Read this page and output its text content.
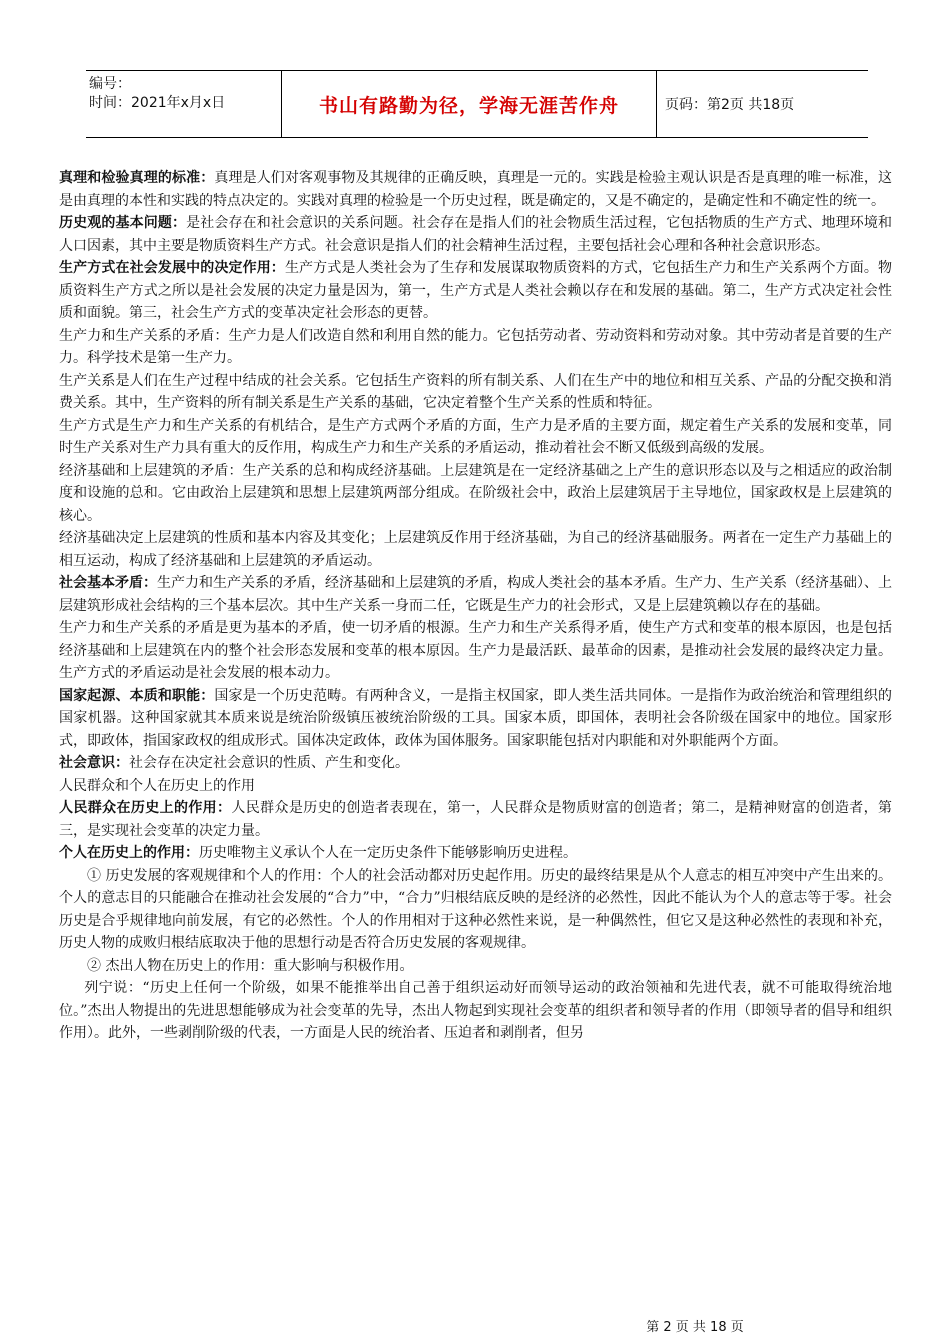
编号：
时间：2021年x月x日	书山有路勤为径，学海无涯苦作舟	页码：第2页 共18页

真理和检验真理的标准：真理是人们对客观事物及其规律的正确反映，真理是一元的。实践是检验主观认识是否是真理的唯一标准，这是由真理的本性和实践的特点决定的。实践对真理的检验是一个历史过程，既是确定的，又是不确定的，是确定性和不确定性的统一。

历史观的基本问题：是社会存在和社会意识的关系问题。社会存在是指人们的社会物质生活过程，它包括物质的生产方式、地理环境和人口因素，其中主要是物质资料生产方式。社会意识是指人们的社会精神生活过程，主要包括社会心理和各种社会意识形态。

生产方式在社会发展中的决定作用：生产方式是人类社会为了生存和发展谋取物质资料的方式，它包括生产力和生产关系两个方面。物质资料生产方式之所以是社会发展的决定力量是因为，第一，生产方式是人类社会赖以存在和发展的基础。第二，生产方式决定社会性质和面貌。第三，社会生产方式的变革决定社会形态的更替。

生产力和生产关系的矛盾：生产力是人们改造自然和利用自然的能力。它包括劳动者、劳动资料和劳动对象。其中劳动者是首要的生产力。科学技术是第一生产力。

生产关系是人们在生产过程中结成的社会关系。它包括生产资料的所有制关系、人们在生产中的地位和相互关系、产品的分配交换和消费关系。其中，生产资料的所有制关系是生产关系的基础，它决定着整个生产关系的性质和特征。

生产方式是生产力和生产关系的有机结合，是生产方式两个矛盾的方面，生产力是矛盾的主要方面，规定着生产关系的发展和变革，同时生产关系对生产力具有重大的反作用，构成生产力和生产关系的矛盾运动，推动着社会不断又低级到高级的发展。

经济基础和上层建筑的矛盾：生产关系的总和构成经济基础。上层建筑是在一定经济基础之上产生的意识形态以及与之相适应的政治制度和设施的总和。它由政治上层建筑和思想上层建筑两部分组成。在阶级社会中，政治上层建筑居于主导地位，国家政权是上层建筑的核心。

经济基础决定上层建筑的性质和基本内容及其变化；上层建筑反作用于经济基础，为自己的经济基础服务。两者在一定生产力基础上的相互运动，构成了经济基础和上层建筑的矛盾运动。

社会基本矛盾：生产力和生产关系的矛盾，经济基础和上层建筑的矛盾，构成人类社会的基本矛盾。生产力、生产关系（经济基础）、上层建筑形成社会结构的三个基本层次。其中生产关系一身而二任，它既是生产力的社会形式，又是上层建筑赖以存在的基础。

生产力和生产关系的矛盾是更为基本的矛盾，使一切矛盾的根源。生产力和生产关系得矛盾，使生产方式和变革的根本原因，也是包括经济基础和上层建筑在内的整个社会形态发展和变革的根本原因。生产力是最活跃、最革命的因素，是推动社会发展的最终决定力量。生产方式的矛盾运动是社会发展的根本动力。

国家起源、本质和职能：国家是一个历史范畴。有两种含义，一是指主权国家，即人类生活共同体。一是指作为政治统治和管理组织的国家机器。这种国家就其本质来说是统治阶级镇压被统治阶级的工具。国家本质，即国体，表明社会各阶级在国家中的地位。国家形式，即政体，指国家政权的组成形式。国体决定政体，政体为国体服务。国家职能包括对内职能和对外职能两个方面。

社会意识：社会存在决定社会意识的性质、产生和变化。

人民群众和个人在历史上的作用

人民群众在历史上的作用：人民群众是历史的创造者表现在，第一，人民群众是物质财富的创造者；第二，是精神财富的创造者，第三，是实现社会变革的决定力量。

个人在历史上的作用：历史唯物主义承认个人在一定历史条件下能够影响历史进程。

① 历史发展的客观规律和个人的作用：个人的社会活动都对历史起作用。历史的最终结果是从个人意志的相互冲突中产生出来的。个人的意志目的只能融合在推动社会发展的“合力”中，“合力”归根结底反映的是经济的必然性，因此不能认为个人的意志等于零。社会历史是合乎规律地向前发展，有它的必然性。个人的作用相对于这种必然性来说，是一种偶然性，但它又是这种必然性的表现和补充，历史人物的成败归根结底取决于他的思想行动是否符合历史发展的客观规律。

② 杰出人物在历史上的作用：重大影响与积极作用。

列宁说：“历史上任何一个阶级，如果不能推举出自己善于组织运动好而领导运动的政治领袖和先进代表，就不可能取得统治地位。”杰出人物提出的先进思想能够成为社会变革的先导，杰出人物起到实现社会变革的组织者和领导者的作用（即领导者的倡导和组织作用）。此外，一些剥削阶级的代表，一方面是人民的统治者、压迫者和剥削者，但另

第 2 页 共 18 页
